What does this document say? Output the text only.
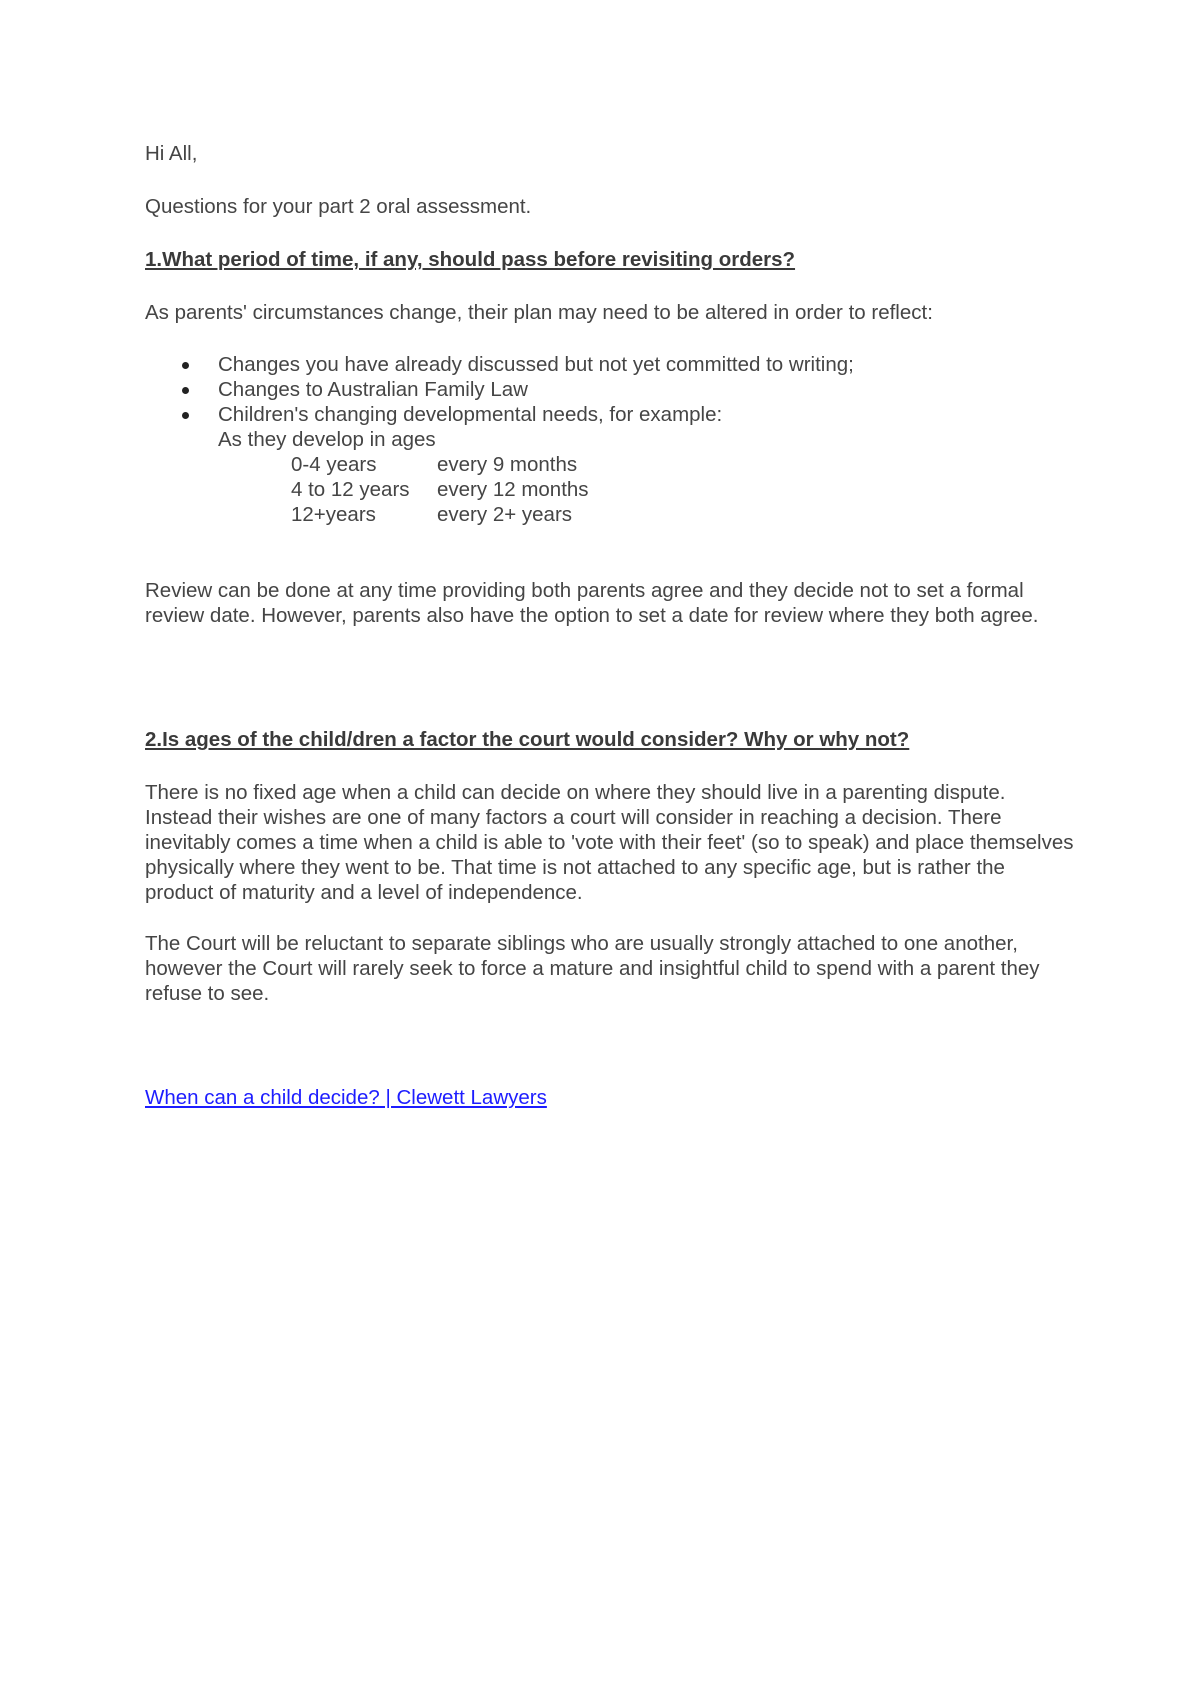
Hi All,

Questions for your part 2 oral assessment.

1.What period of time, if any, should pass before revisiting orders?

As parents' circumstances change, their plan may need to be altered in order to reflect:

Changes you have already discussed but not yet committed to writing;
Changes to Australian Family Law
Children's changing developmental needs, for example:

As they develop in ages

0-4 years	every 9 months
4 to 12 years	every 12 months
12+years	every 2+ years

Review can be done at any time providing both parents agree and they decide not to set a formal review date. However, parents also have the option to set a date for review where they both agree.

2.Is ages of the child/dren a factor the court would consider? Why or why not?

There is no fixed age when a child can decide on where they should live in a parenting dispute. Instead their wishes are one of many factors a court will consider in reaching a decision. There inevitably comes a time when a child is able to 'vote with their feet' (so to speak) and place themselves physically where they went to be. That time is not attached to any specific age, but is rather the product of maturity and a level of independence.

The Court will be reluctant to separate siblings who are usually strongly attached to one another, however the Court will rarely seek to force a mature and insightful child to spend with a parent they refuse to see.

When can a child decide? | Clewett Lawyers
